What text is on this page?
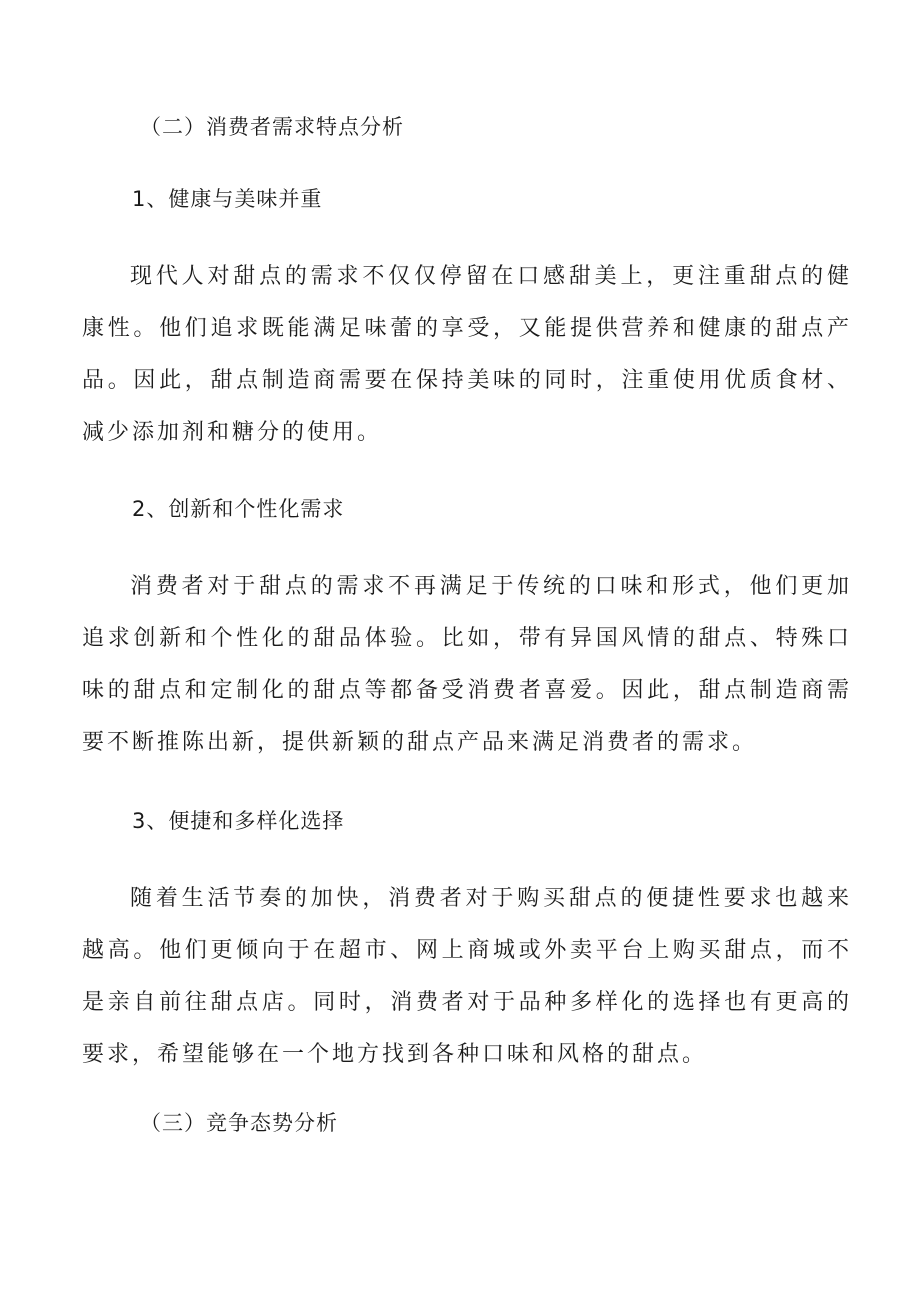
（二）消费者需求特点分析
1、健康与美味并重
现代人对甜点的需求不仅仅停留在口感甜美上，更注重甜点的健康性。他们追求既能满足味蕾的享受，又能提供营养和健康的甜点产品。因此，甜点制造商需要在保持美味的同时，注重使用优质食材、减少添加剂和糖分的使用。
2、创新和个性化需求
消费者对于甜点的需求不再满足于传统的口味和形式，他们更加追求创新和个性化的甜品体验。比如，带有异国风情的甜点、特殊口味的甜点和定制化的甜点等都备受消费者喜爱。因此，甜点制造商需要不断推陈出新，提供新颖的甜点产品来满足消费者的需求。
3、便捷和多样化选择
随着生活节奏的加快，消费者对于购买甜点的便捷性要求也越来越高。他们更倾向于在超市、网上商城或外卖平台上购买甜点，而不是亲自前往甜点店。同时，消费者对于品种多样化的选择也有更高的要求，希望能够在一个地方找到各种口味和风格的甜点。
（三）竞争态势分析
